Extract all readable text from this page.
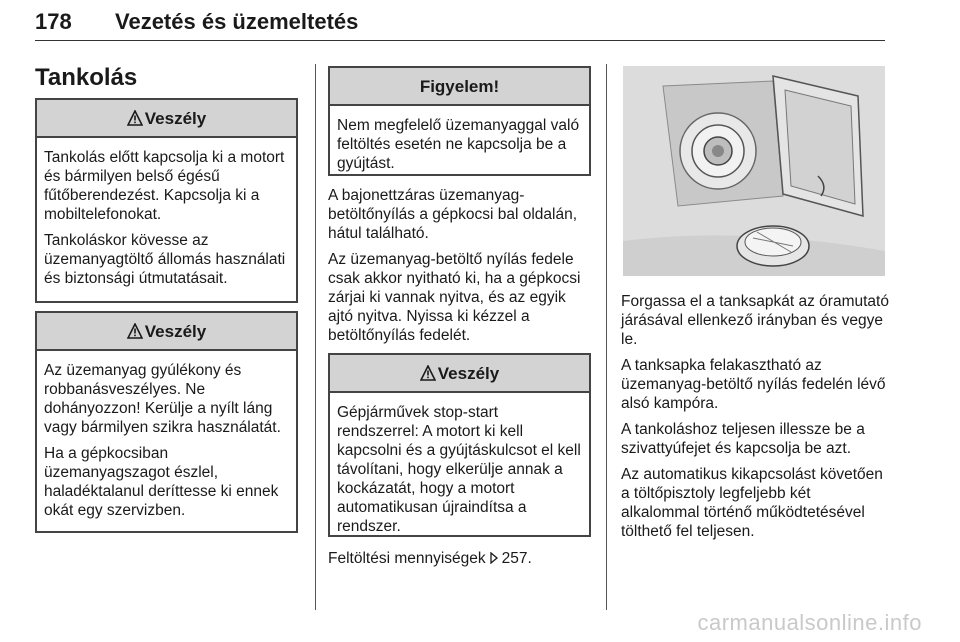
178 Vezetés és üzemeltetés
Tankolás
Veszély

Tankolás előtt kapcsolja ki a motort és bármilyen belső égésű fűtőberendezést. Kapcsolja ki a mobiltelefonokat.

Tankoláskor kövesse az üzemanyagtöltő állomás használati és biztonsági útmutatásait.

Veszély

Az üzemanyag gyúlékony és robbanásveszélyes. Ne dohányozzon! Kerülje a nyílt láng vagy bármilyen szikra használatát.

Ha a gépkocsiban üzemanyagszagot észlel, haladéktalanul deríttesse ki ennek okát egy szervizben.

Figyelem!

Nem megfelelő üzemanyaggal való feltöltés esetén ne kapcsolja be a gyújtást.

A bajonettzáras üzemanyag-betöltőnyílás a gépkocsi bal oldalán, hátul található.

Az üzemanyag-betöltő nyílás fedele csak akkor nyitható ki, ha a gépkocsi zárjai ki vannak nyitva, és az egyik ajtó nyitva. Nyissa ki kézzel a betöltőnyílás fedelét.

Veszély

Gépjárművek stop-start rendszerrel: A motort ki kell kapcsolni és a gyújtáskulcsot el kell távolítani, hogy elkerülje annak a kockázatát, hogy a motort automatikusan újraindítsa a rendszer.

Feltöltési mennyiségek 257.

Forgassa el a tanksapkát az óramutató járásával ellenkező irányban és vegye le.

A tanksapka felakasztható az üzemanyag-betöltő nyílás fedelén lévő alsó kampóra.

A tankoláshoz teljesen illessze be a szivattyúfejet és kapcsolja be azt.

Az automatikus kikapcsolást követően a töltőpisztoly legfeljebb két alkalommal történő működtetésével tölthető fel teljesen.

carmanualsonline.info
